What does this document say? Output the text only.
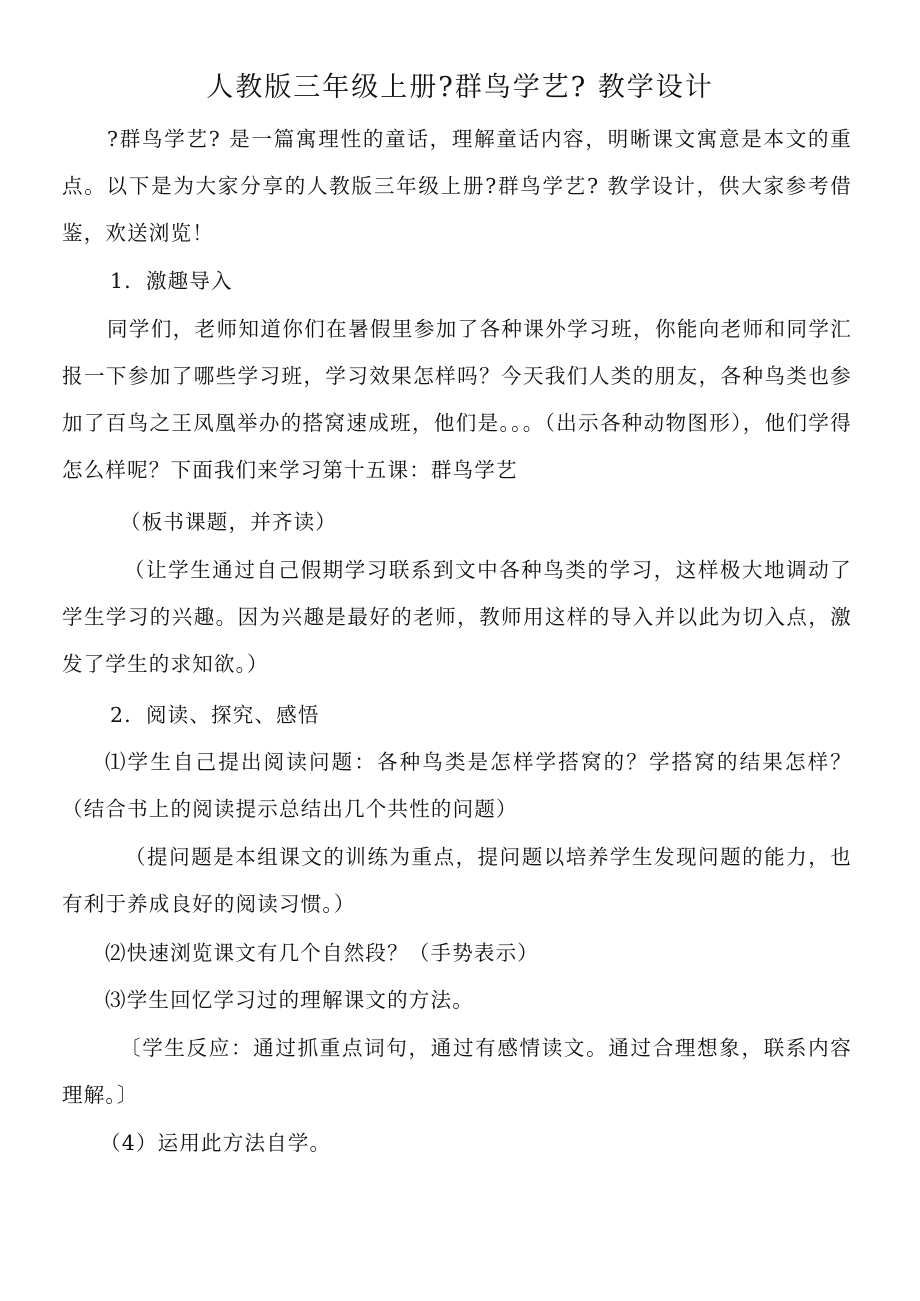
人教版三年级上册?群鸟学艺? 教学设计

?群鸟学艺? 是一篇寓理性的童话，理解童话内容，明晰课文寓意是本文的重点。以下是为大家分享的人教版三年级上册?群鸟学艺? 教学设计，供大家参考借鉴，欢送浏览！

1．激趣导入

同学们，老师知道你们在暑假里参加了各种课外学习班，你能向老师和同学汇报一下参加了哪些学习班，学习效果怎样吗？今天我们人类的朋友，各种鸟类也参加了百鸟之王凤凰举办的搭窝速成班，他们是。。。（出示各种动物图形），他们学得怎么样呢？下面我们来学习第十五课：群鸟学艺

（板书课题，并齐读）

（让学生通过自己假期学习联系到文中各种鸟类的学习，这样极大地调动了学生学习的兴趣。因为兴趣是最好的老师，教师用这样的导入并以此为切入点，激发了学生的求知欲。）

2．阅读、探究、感悟

⑴学生自己提出阅读问题：各种鸟类是怎样学搭窝的？学搭窝的结果怎样？（结合书上的阅读提示总结出几个共性的问题）

（提问题是本组课文的训练为重点，提问题以培养学生发现问题的能力，也有利于养成良好的阅读习惯。）

⑵快速浏览课文有几个自然段？（手势表示）

⑶学生回忆学习过的理解课文的方法。

〔学生反应：通过抓重点词句，通过有感情读文。通过合理想象，联系内容理解。〕

（4）运用此方法自学。
